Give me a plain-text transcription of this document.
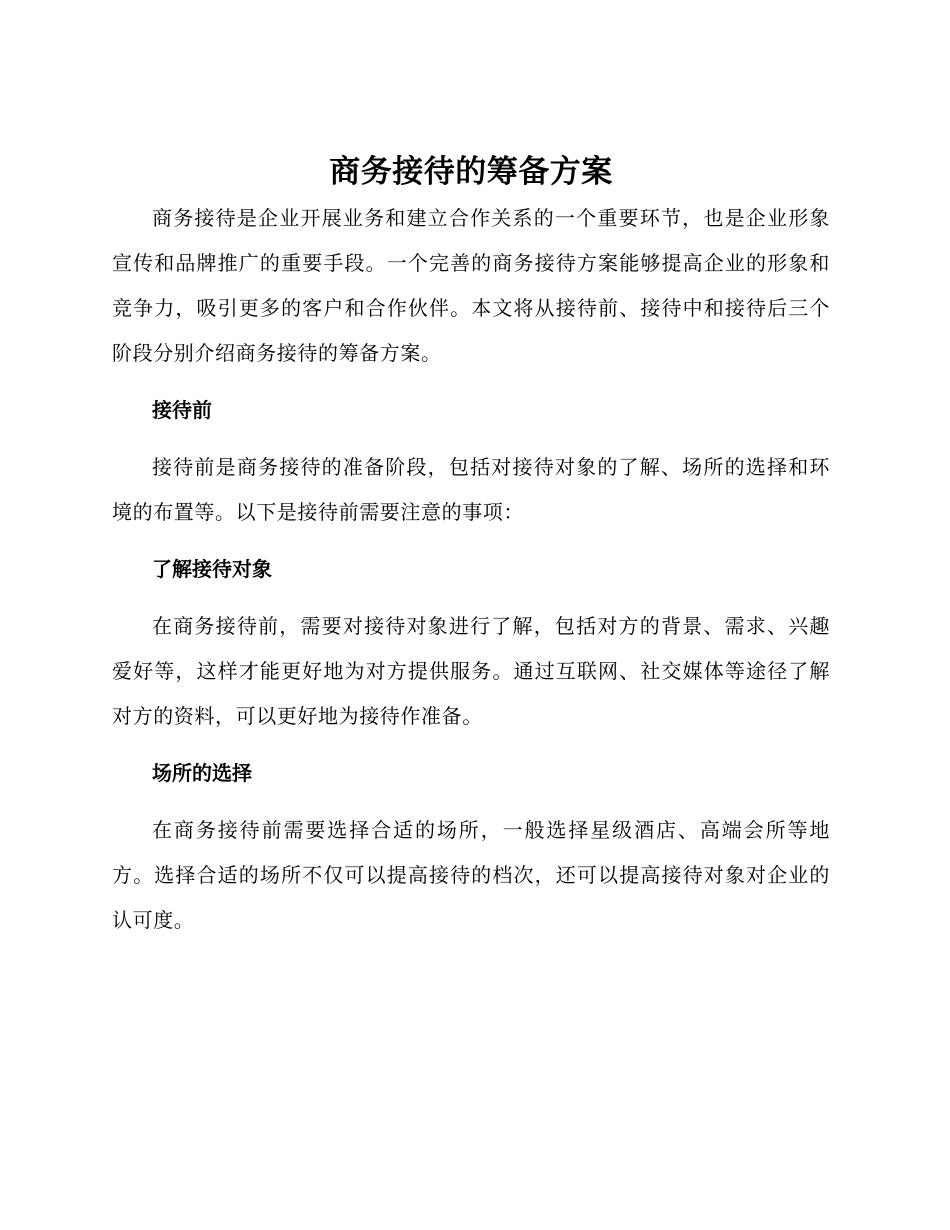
商务接待的筹备方案

商务接待是企业开展业务和建立合作关系的一个重要环节，也是企业形象宣传和品牌推广的重要手段。一个完善的商务接待方案能够提高企业的形象和竞争力，吸引更多的客户和合作伙伴。本文将从接待前、接待中和接待后三个阶段分别介绍商务接待的筹备方案。

接待前

接待前是商务接待的准备阶段，包括对接待对象的了解、场所的选择和环境的布置等。以下是接待前需要注意的事项：

了解接待对象

在商务接待前，需要对接待对象进行了解，包括对方的背景、需求、兴趣爱好等，这样才能更好地为对方提供服务。通过互联网、社交媒体等途径了解对方的资料，可以更好地为接待作准备。

场所的选择

在商务接待前需要选择合适的场所，一般选择星级酒店、高端会所等地方。选择合适的场所不仅可以提高接待的档次，还可以提高接待对象对企业的认可度。
